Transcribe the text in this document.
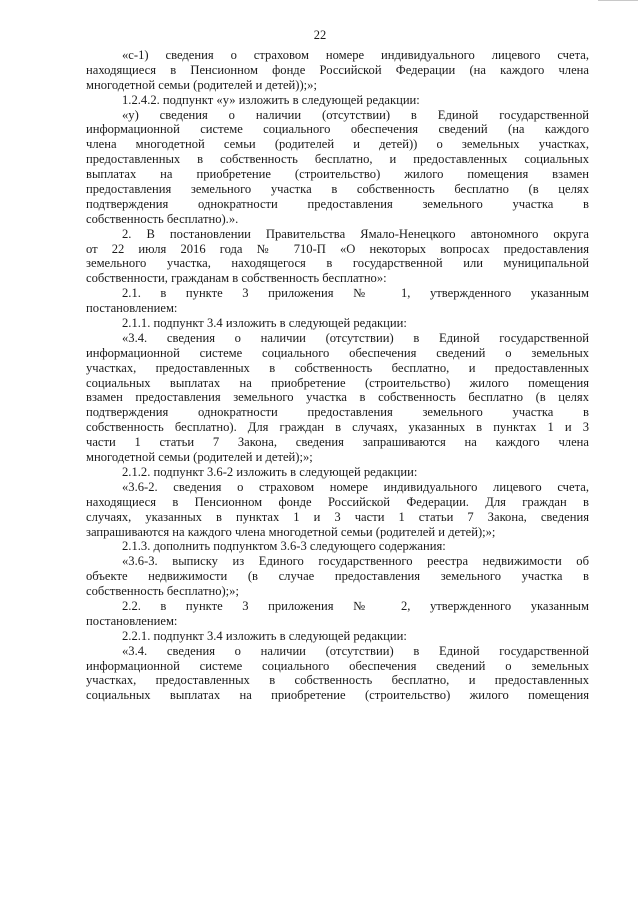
22
«с-1) сведения о страховом номере индивидуального лицевого счета,
находящиеся в Пенсионном фонде Российской Федерации (на каждого члена
многодетной семьи (родителей и детей));»;
1.2.4.2. подпункт «у» изложить в следующей редакции:
«у) сведения о наличии (отсутствии) в Единой государственной
информационной системе социального обеспечения сведений (на каждого
члена многодетной семьи (родителей и детей)) о земельных участках,
предоставленных в собственность бесплатно, и предоставленных социальных
выплатах на приобретение (строительство) жилого помещения взамен
предоставления земельного участка в собственность бесплатно (в целях
подтверждения однократности предоставления земельного участка в
собственность бесплатно).».
2. В постановлении Правительства Ямало-Ненецкого автономного округа
от 22 июля 2016 года № 710-П «О некоторых вопросах предоставления
земельного участка, находящегося в государственной или муниципальной
собственности, гражданам в собственность бесплатно»:
2.1. в пункте 3 приложения № 1, утвержденного указанным
постановлением:
2.1.1. подпункт 3.4 изложить в следующей редакции:
«3.4. сведения о наличии (отсутствии) в Единой государственной
информационной системе социального обеспечения сведений о земельных
участках, предоставленных в собственность бесплатно, и предоставленных
социальных выплатах на приобретение (строительство) жилого помещения
взамен предоставления земельного участка в собственность бесплатно (в целях
подтверждения однократности предоставления земельного участка в
собственность бесплатно). Для граждан в случаях, указанных в пунктах 1 и 3
части 1 статьи 7 Закона, сведения запрашиваются на каждого члена
многодетной семьи (родителей и детей);»;
2.1.2. подпункт 3.6-2 изложить в следующей редакции:
«3.6-2. сведения о страховом номере индивидуального лицевого счета,
находящиеся в Пенсионном фонде Российской Федерации. Для граждан в
случаях, указанных в пунктах 1 и 3 части 1 статьи 7 Закона, сведения
запрашиваются на каждого члена многодетной семьи (родителей и детей);»;
2.1.3. дополнить подпунктом 3.6-3 следующего содержания:
«3.6-3. выписку из Единого государственного реестра недвижимости об
объекте недвижимости (в случае предоставления земельного участка в
собственность бесплатно);»;
2.2. в пункте 3 приложения № 2, утвержденного указанным
постановлением:
2.2.1. подпункт 3.4 изложить в следующей редакции:
«3.4. сведения о наличии (отсутствии) в Единой государственной
информационной системе социального обеспечения сведений о земельных
участках, предоставленных в собственность бесплатно, и предоставленных
социальных выплатах на приобретение (строительство) жилого помещения
